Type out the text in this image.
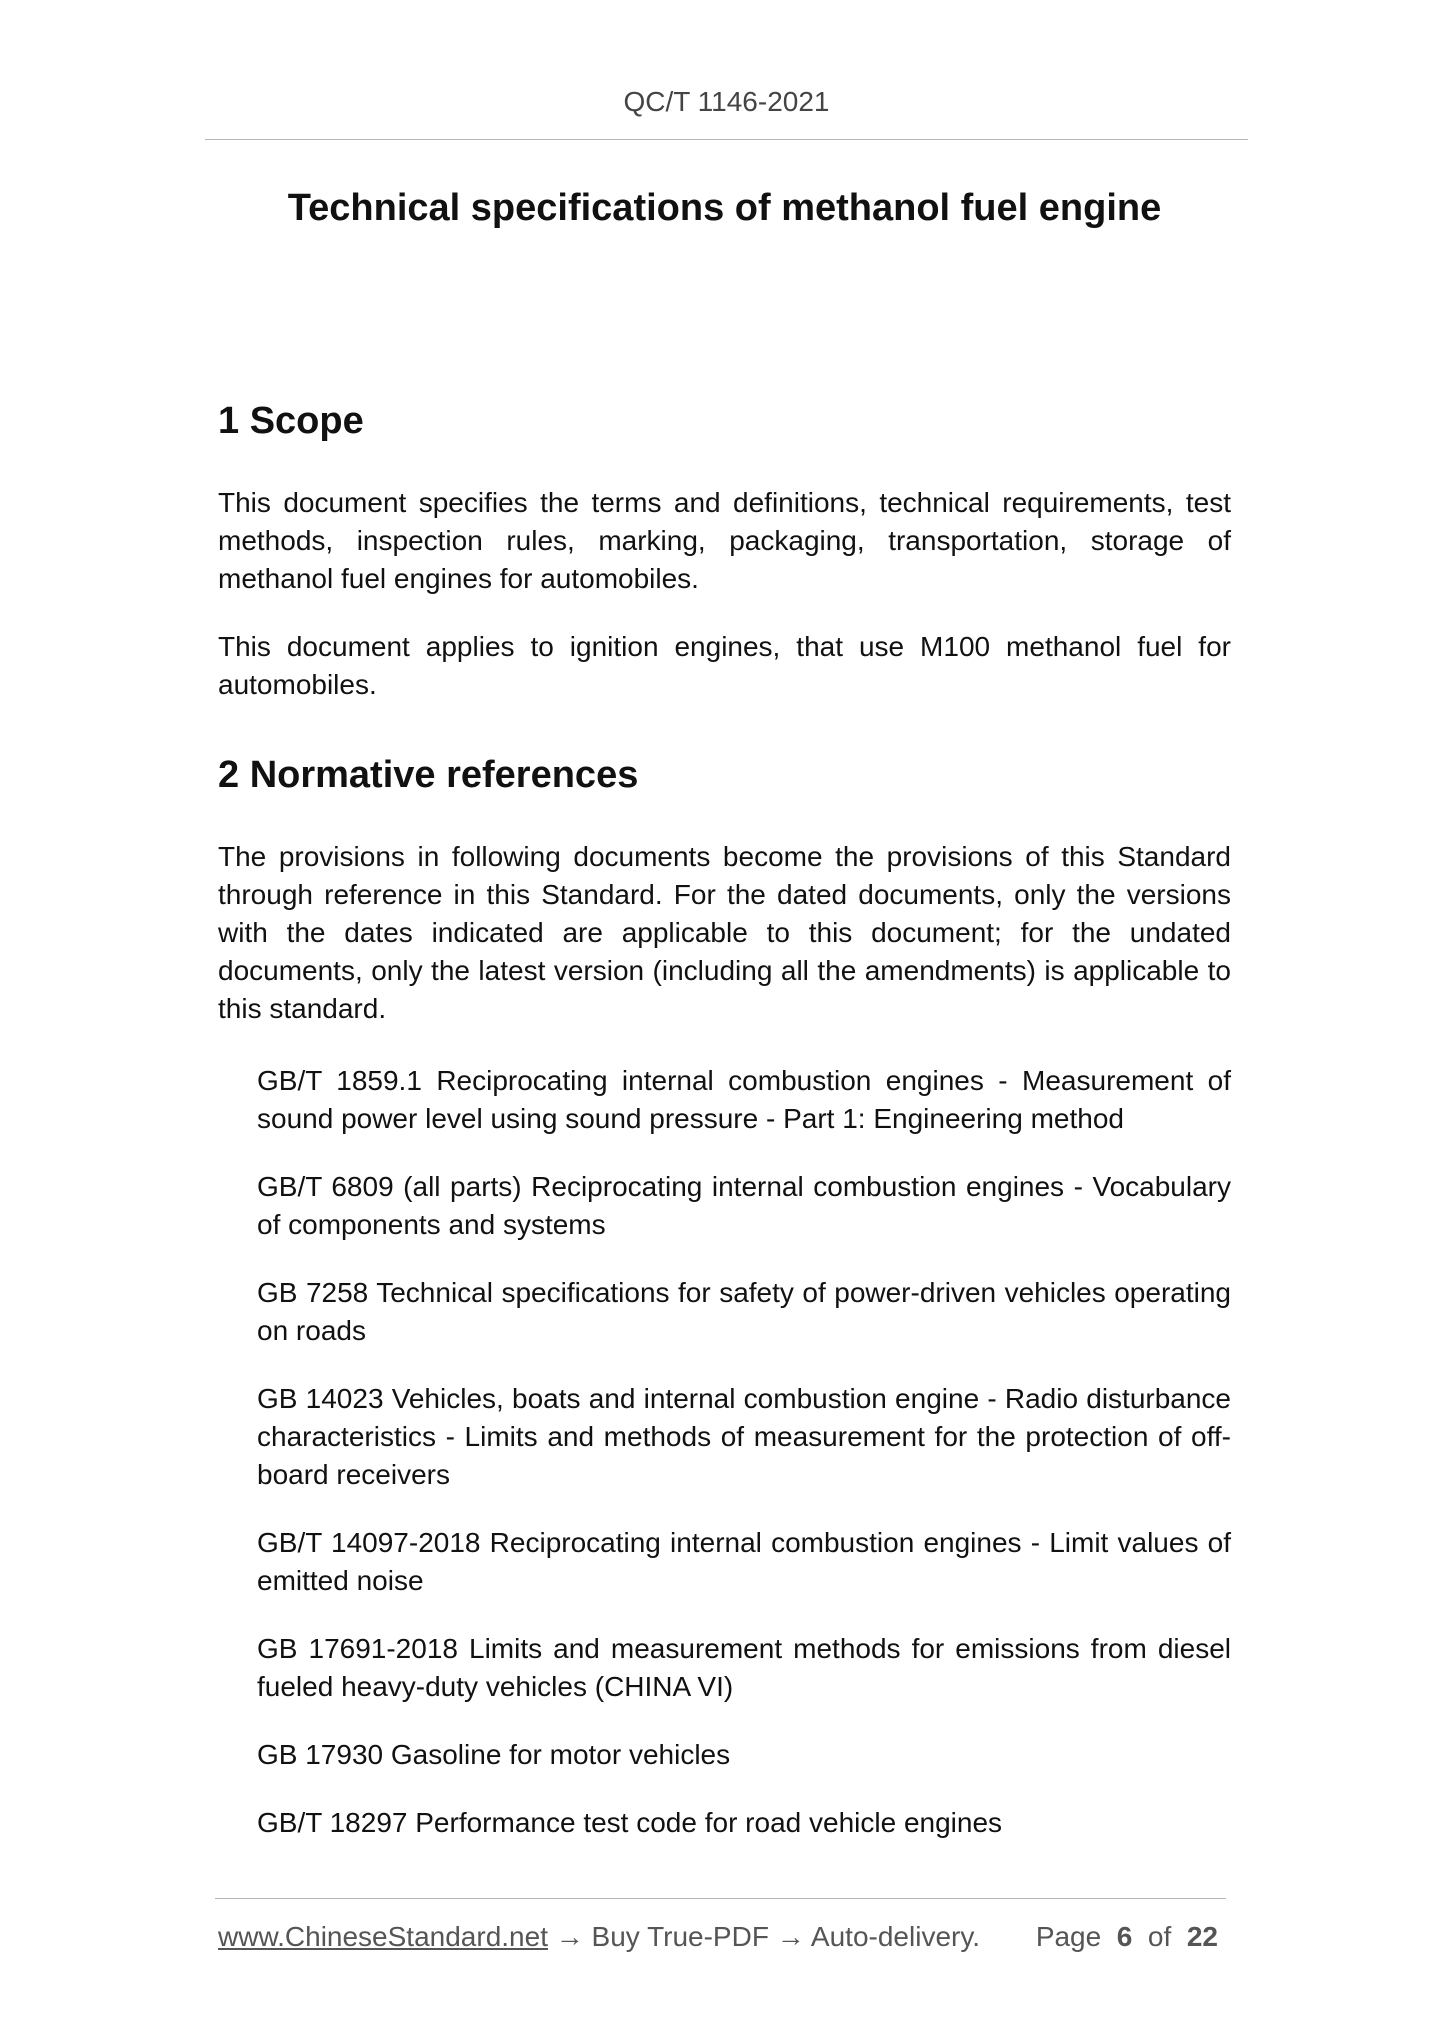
QC/T 1146-2021
Technical specifications of methanol fuel engine
1 Scope

This document specifies the terms and definitions, technical requirements, test methods, inspection rules, marking, packaging, transportation, storage of methanol fuel engines for automobiles.

This document applies to ignition engines, that use M100 methanol fuel for automobiles.

2 Normative references

The provisions in following documents become the provisions of this Standard through reference in this Standard. For the dated documents, only the versions with the dates indicated are applicable to this document; for the undated documents, only the latest version (including all the amendments) is applicable to this standard.

GB/T 1859.1 Reciprocating internal combustion engines - Measurement of sound power level using sound pressure - Part 1: Engineering method
GB/T 6809 (all parts) Reciprocating internal combustion engines - Vocabulary of components and systems
GB 7258 Technical specifications for safety of power-driven vehicles operating on roads
GB 14023 Vehicles, boats and internal combustion engine - Radio disturbance characteristics - Limits and methods of measurement for the protection of off-board receivers
GB/T 14097-2018 Reciprocating internal combustion engines - Limit values of emitted noise
GB 17691-2018 Limits and measurement methods for emissions from diesel fueled heavy-duty vehicles (CHINA VI)
GB 17930 Gasoline for motor vehicles
GB/T 18297 Performance test code for road vehicle engines
www.ChineseStandard.net → Buy True-PDF → Auto-delivery. Page 6 of 22
